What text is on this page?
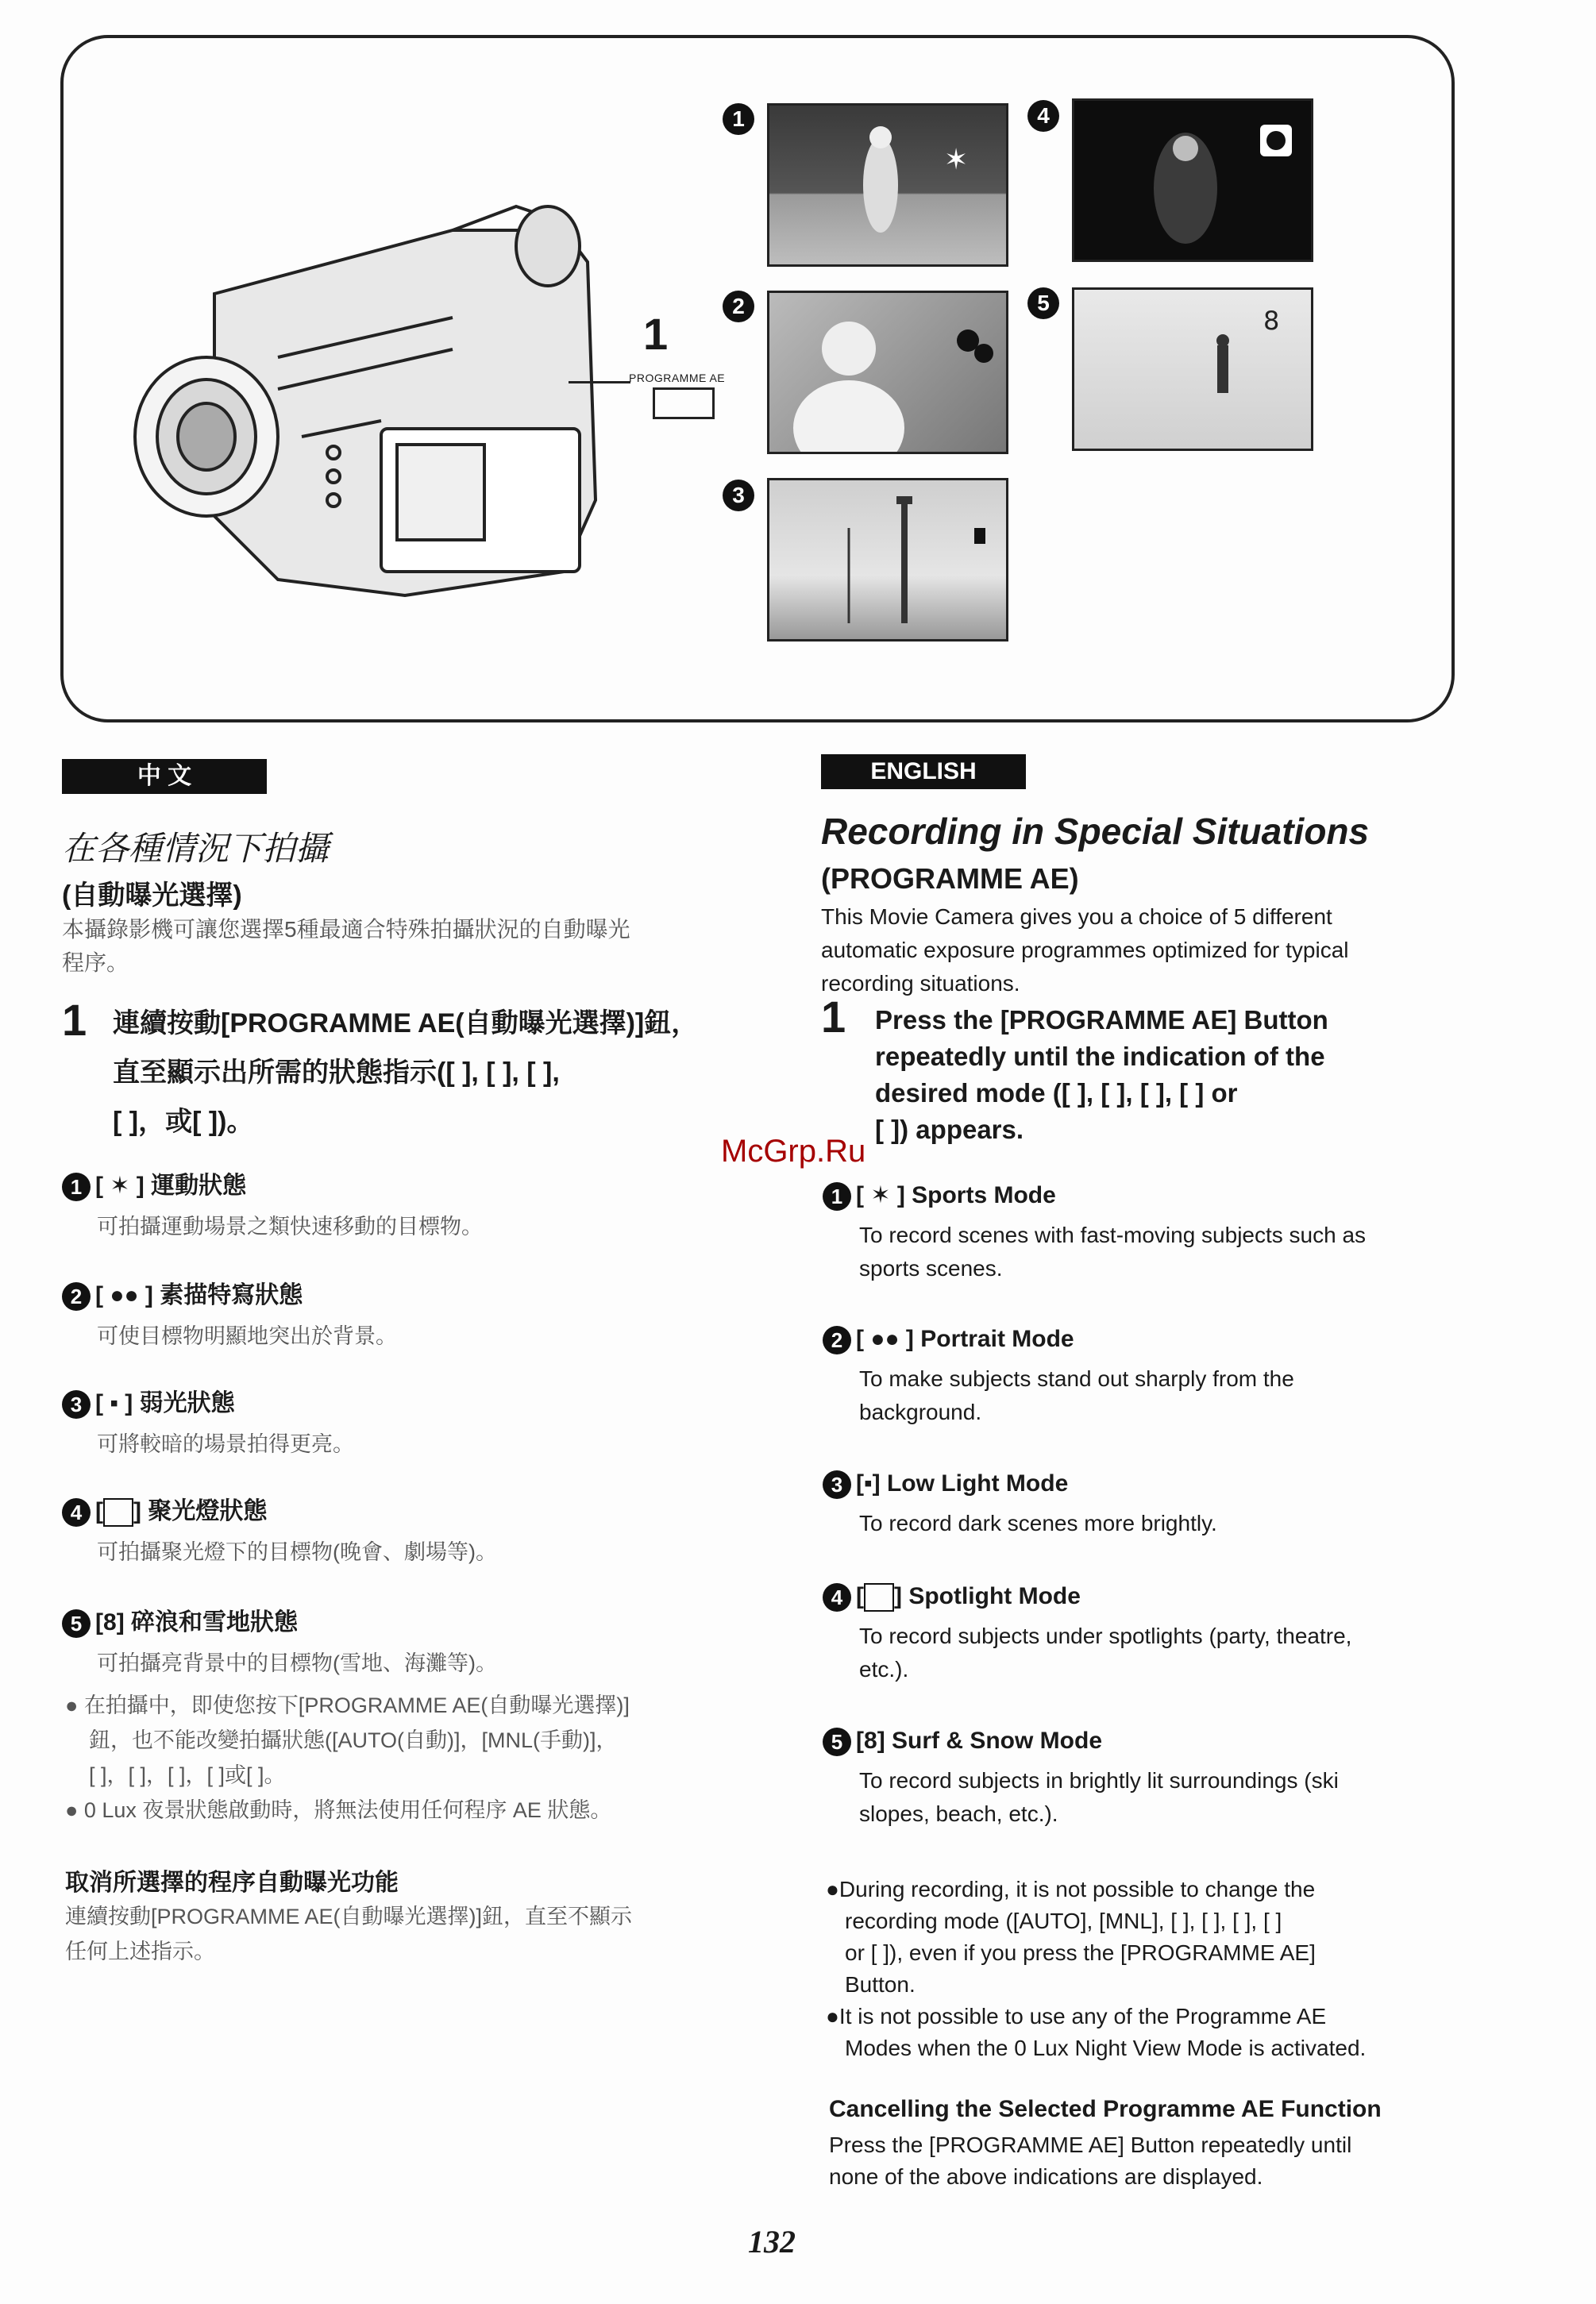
1
PROGRAMME AE
1
✶
2
3
4
5
8
中 文
在各種情況下拍攝
(自動曝光選擇)
本攝錄影機可讓您選擇5種最適合特殊拍攝狀況的自動曝光
程序。
1 連續按動[PROGRAMME AE(自動曝光選擇)]鈕，
直至顯示出所需的狀態指示([ ], [ ], [ ],
[ ]，或[ ])。
1 [ ✶ ] 運動狀態
可拍攝運動場景之類快速移動的目標物。
2 [ ●● ] 素描特寫狀態
可使目標物明顯地突出於背景。
3 [ ▪ ] 弱光狀態
可將較暗的場景拍得更亮。
4 [ ] 聚光燈狀態
可拍攝聚光燈下的目標物(晚會、劇場等)。
5 [8] 碎浪和雪地狀態
可拍攝亮背景中的目標物(雪地、海灘等)。
● 在拍攝中，即使您按下[PROGRAMME AE(自動曝光選擇)]
鈕，也不能改變拍攝狀態([AUTO(自動)]，[MNL(手動)]，
[ ]，[ ]，[ ]，[ ]或[ ]。
● 0 Lux 夜景狀態啟動時，將無法使用任何程序 AE 狀態。
取消所選擇的程序自動曝光功能
連續按動[PROGRAMME AE(自動曝光選擇)]鈕，直至不顯示
任何上述指示。
ENGLISH
Recording in Special Situations
(PROGRAMME AE)
This Movie Camera gives you a choice of 5 different
automatic exposure programmes optimized for typical
recording situations.
1 Press the [PROGRAMME AE] Button
repeatedly until the indication of the
desired mode ([ ], [ ], [ ], [ ] or
[ ]) appears.
McGrp.Ru
1 [ ✶ ] Sports Mode
To record scenes with fast-moving subjects such as
sports scenes.
2 [ ●● ] Portrait Mode
To make subjects stand out sharply from the
background.
3 [▪] Low Light Mode
To record dark scenes more brightly.
4 [ ] Spotlight Mode
To record subjects under spotlights (party, theatre,
etc.).
5 [8] Surf & Snow Mode
To record subjects in brightly lit surroundings (ski
slopes, beach, etc.).
●During recording, it is not possible to change the
recording mode ([AUTO], [MNL], [ ], [ ], [ ], [ ]
or [ ]), even if you press the [PROGRAMME AE]
Button.
●It is not possible to use any of the Programme AE
Modes when the 0 Lux Night View Mode is activated.
Cancelling the Selected Programme AE Function
Press the [PROGRAMME AE] Button repeatedly until
none of the above indications are displayed.
132
